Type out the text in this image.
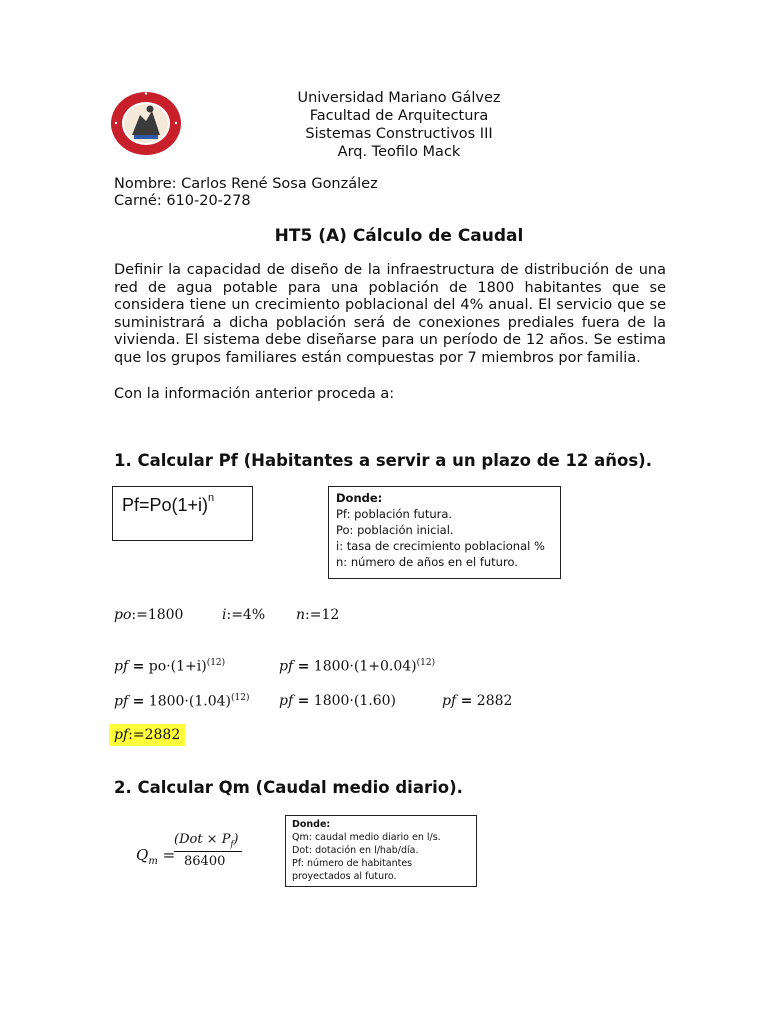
Universidad Mariano Gálvez
Facultad de Arquitectura
Sistemas Constructivos III
Arq. Teofilo Mack
Nombre: Carlos René Sosa González
Carné: 610-20-278
HT5 (A) Cálculo de Caudal
Definir la capacidad de diseño de la infraestructura de distribución de una red de agua potable para una población de 1800 habitantes que se considera tiene un crecimiento poblacional del 4% anual. El servicio que se suministrará a dicha población será de conexiones prediales fuera de la vivienda. El sistema debe diseñarse para un período de 12 años. Se estima que los grupos familiares están compuestas por 7 miembros por familia.
Con la información anterior proceda a:
1. Calcular Pf (Habitantes a servir a un plazo de 12 años).
$Pf=Po(1+i)^n$	Donde:
Pf: población futura.
Po: población inicial.
i: tasa de crecimiento poblacional %
n: número de años en el futuro.
po:=1800	i:=4% n:=12
pf = $po\cdot(1+i)^{(12)}$	pf = $1800\cdot(1+0.04)^{(12)}$
pf = $1800\cdot(1.04)^{(12)}$ pf = 1800·(1.60)	pf = 2882
pf:=2882
2. Calcular Qm (Caudal medio diario).
$Q_m$ =
$(Dot \times P_f)$
86400
Donde:
Qm: caudal medio diario en l/s.
Dot: dotación en l/hab/día.
Pf: número de habitantes
proyectados al futuro.
